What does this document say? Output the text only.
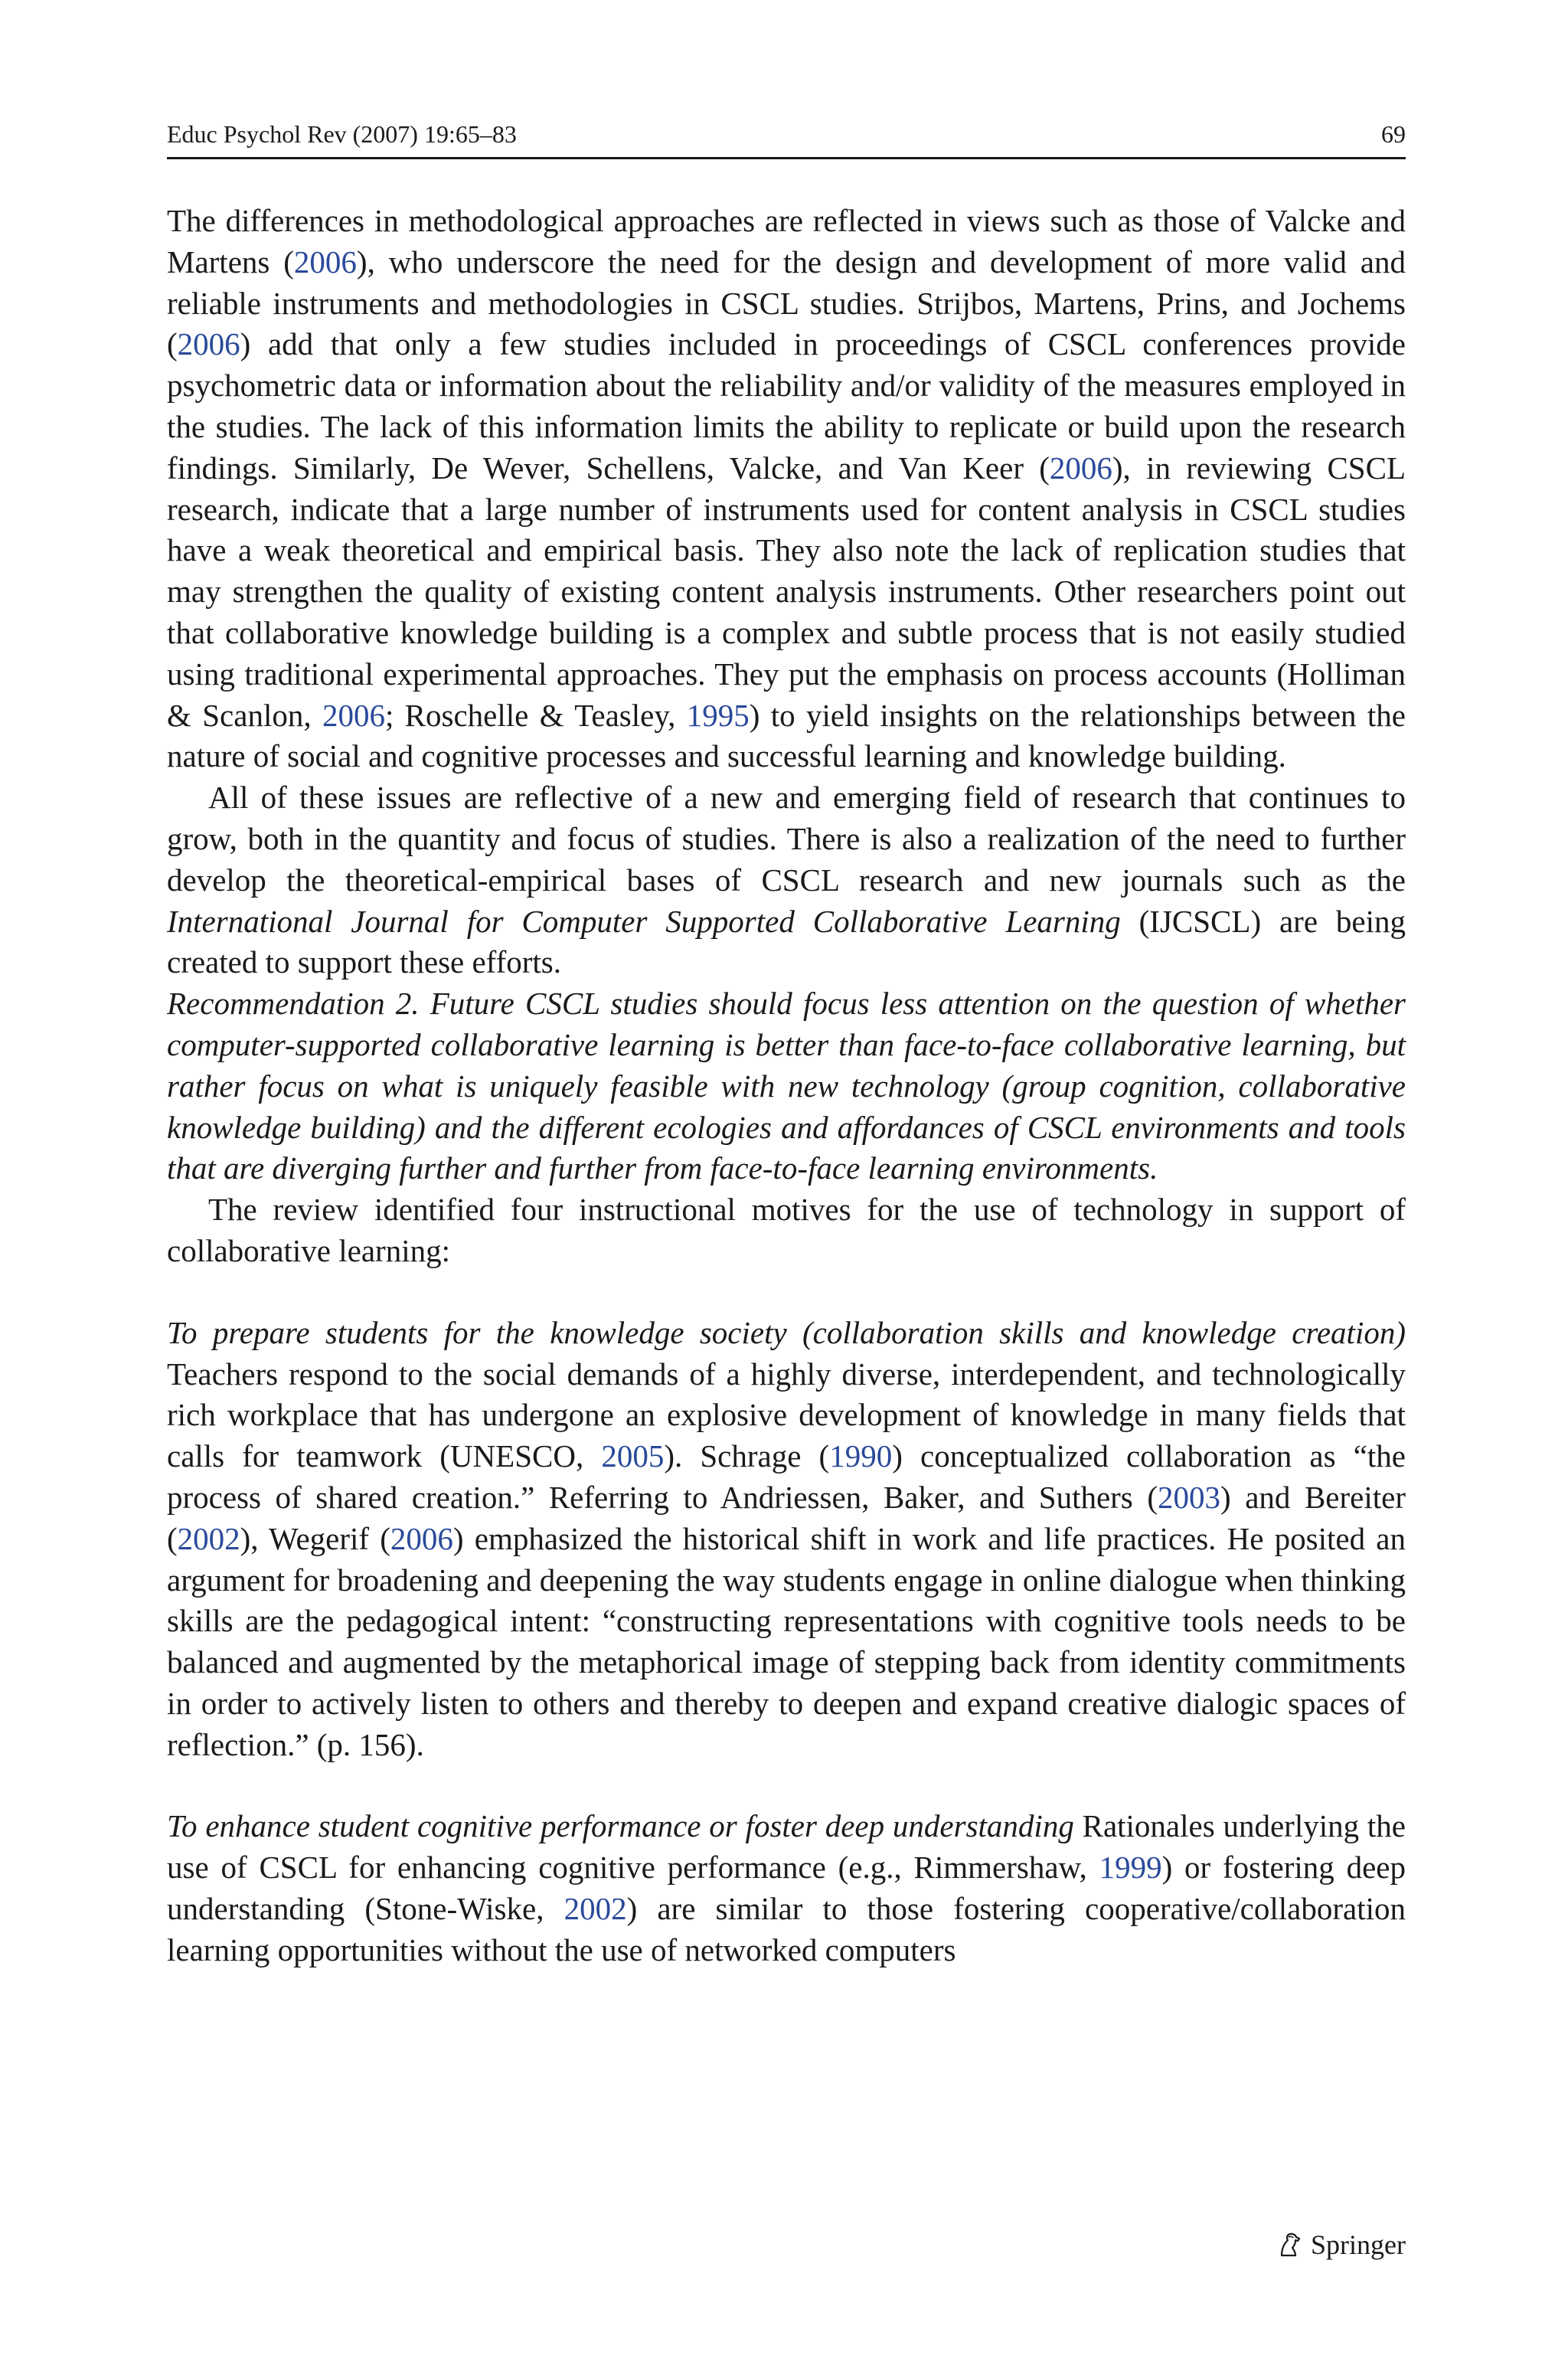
Educ Psychol Rev (2007) 19:65–83	69

The differences in methodological approaches are reflected in views such as those of Valcke and Martens (2006), who underscore the need for the design and development of more valid and reliable instruments and methodologies in CSCL studies. Strijbos, Martens, Prins, and Jochems (2006) add that only a few studies included in proceedings of CSCL conferences provide psychometric data or information about the reliability and/or validity of the measures employed in the studies. The lack of this information limits the ability to replicate or build upon the research findings. Similarly, De Wever, Schellens, Valcke, and Van Keer (2006), in reviewing CSCL research, indicate that a large number of instruments used for content analysis in CSCL studies have a weak theoretical and empirical basis. They also note the lack of replication studies that may strengthen the quality of existing content analysis instruments. Other researchers point out that collaborative knowledge building is a complex and subtle process that is not easily studied using traditional experimental approaches. They put the emphasis on process accounts (Holliman & Scanlon, 2006; Roschelle & Teasley, 1995) to yield insights on the relationships between the nature of social and cognitive processes and successful learning and knowledge building.

All of these issues are reflective of a new and emerging field of research that continues to grow, both in the quantity and focus of studies. There is also a realization of the need to further develop the theoretical-empirical bases of CSCL research and new journals such as the International Journal for Computer Supported Collaborative Learning (IJCSCL) are being created to support these efforts.

Recommendation 2. Future CSCL studies should focus less attention on the question of whether computer-supported collaborative learning is better than face-to-face collaborative learning, but rather focus on what is uniquely feasible with new technology (group cognition, collaborative knowledge building) and the different ecologies and affordances of CSCL environments and tools that are diverging further and further from face-to-face learning environments.

The review identified four instructional motives for the use of technology in support of collaborative learning:

To prepare students for the knowledge society (collaboration skills and knowledge creation) Teachers respond to the social demands of a highly diverse, interdependent, and technologically rich workplace that has undergone an explosive development of knowledge in many fields that calls for teamwork (UNESCO, 2005). Schrage (1990) conceptualized collaboration as “the process of shared creation.” Referring to Andriessen, Baker, and Suthers (2003) and Bereiter (2002), Wegerif (2006) emphasized the historical shift in work and life practices. He posited an argument for broadening and deepening the way students engage in online dialogue when thinking skills are the pedagogical intent: “constructing representations with cognitive tools needs to be balanced and augmented by the metaphorical image of stepping back from identity commitments in order to actively listen to others and thereby to deepen and expand creative dialogic spaces of reflection.” (p. 156).

To enhance student cognitive performance or foster deep understanding Rationales underlying the use of CSCL for enhancing cognitive performance (e.g., Rimmershaw, 1999) or fostering deep understanding (Stone-Wiske, 2002) are similar to those fostering cooperative/collaboration learning opportunities without the use of networked computers

Springer
